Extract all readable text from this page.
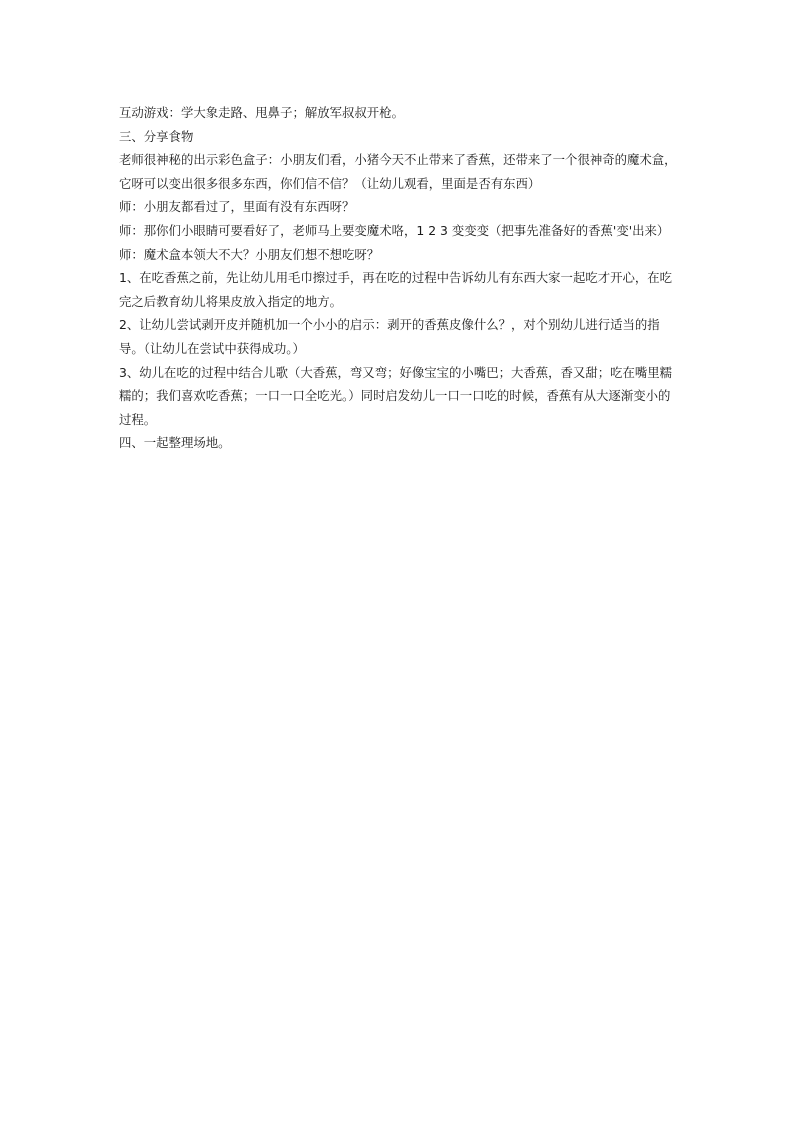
互动游戏：学大象走路、甩鼻子；解放军叔叔开枪。

三、分享食物

老师很神秘的出示彩色盒子：小朋友们看，小猪今天不止带来了香蕉，还带来了一个很神奇的魔术盒，它呀可以变出很多很多东西，你们信不信？（让幼儿观看，里面是否有东西）

师：小朋友都看过了，里面有没有东西呀？

师：那你们小眼睛可要看好了，老师马上要变魔术咯，1 2 3 变变变（把事先准备好的香蕉'变'出来）

师：魔术盒本领大不大？小朋友们想不想吃呀？

1、在吃香蕉之前，先让幼儿用毛巾擦过手，再在吃的过程中告诉幼儿有东西大家一起吃才开心，在吃完之后教育幼儿将果皮放入指定的地方。

2、让幼儿尝试剥开皮并随机加一个小小的启示：剥开的香蕉皮像什么？，对个别幼儿进行适当的指导。（让幼儿在尝试中获得成功。）

3、幼儿在吃的过程中结合儿歌（大香蕉，弯又弯；好像宝宝的小嘴巴；大香蕉，香又甜；吃在嘴里糯糯的；我们喜欢吃香蕉；一口一口全吃光。）同时启发幼儿一口一口吃的时候，香蕉有从大逐渐变小的过程。

四、一起整理场地。
